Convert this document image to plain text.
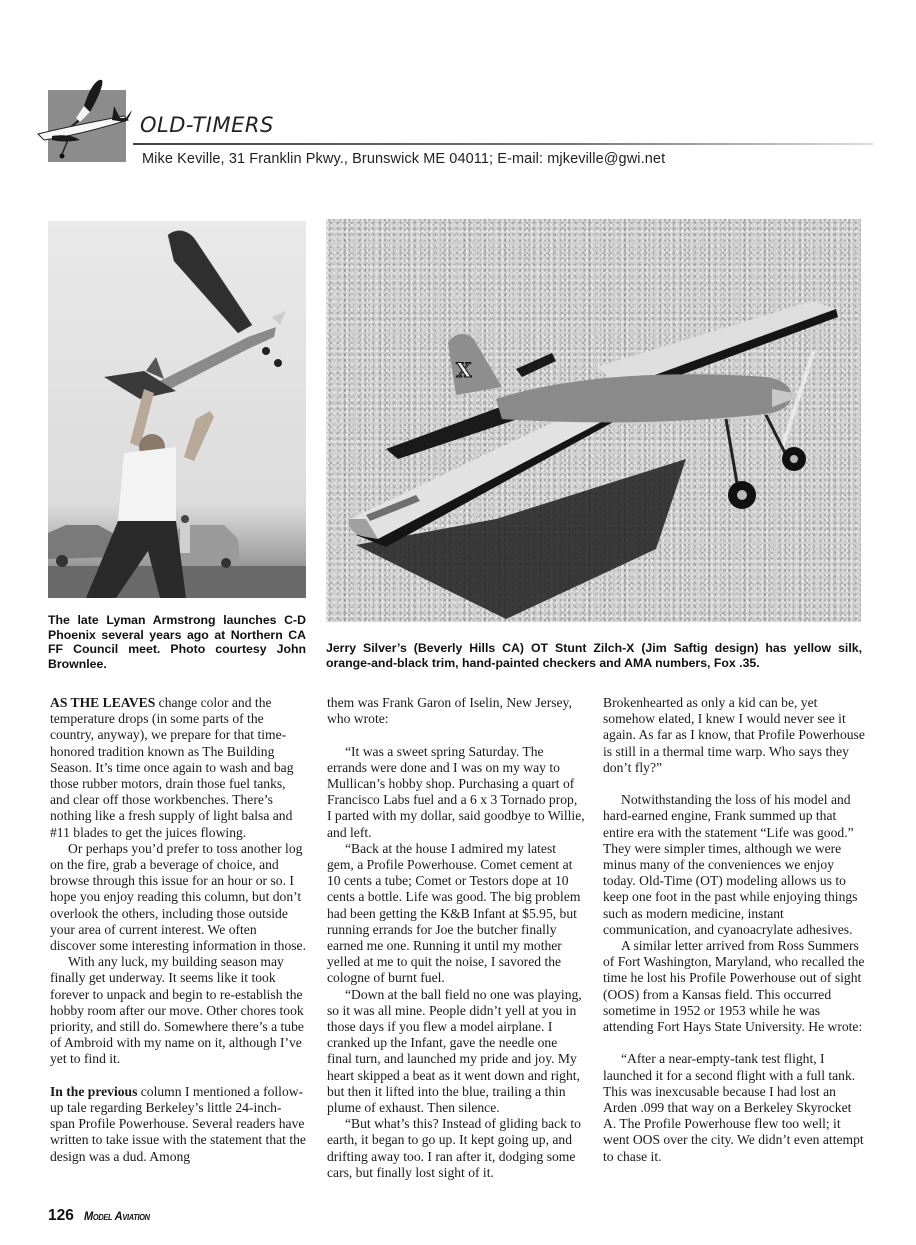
OLD-TIMERS
Mike Keville, 31 Franklin Pkwy., Brunswick ME 04011; E-mail: mjkeville@gwi.net
X
The late Lyman Armstrong launches C-D Phoenix several years ago at Northern CA FF Council meet. Photo courtesy John Brownlee.
Jerry Silver’s (Beverly Hills CA) OT Stunt Zilch-X (Jim Saftig design) has yellow silk, orange-and-black trim, hand-painted checkers and AMA numbers, Fox .35.

AS THE LEAVES change color and the temperature drops (in some parts of the country, anyway), we prepare for that time-honored tradition known as The Building Season. It’s time once again to wash and bag those rubber motors, drain those fuel tanks, and clear off those workbenches. There’s nothing like a fresh supply of light balsa and #11 blades to get the juices flowing.

Or perhaps you’d prefer to toss another log on the fire, grab a beverage of choice, and browse through this issue for an hour or so. I hope you enjoy reading this column, but don’t overlook the others, including those outside your area of current interest. We often discover some interesting information in those.

With any luck, my building season may finally get underway. It seems like it took forever to unpack and begin to re-establish the hobby room after our move. Other chores took priority, and still do. Somewhere there’s a tube of Ambroid with my name on it, although I’ve yet to find it.

In the previous column I mentioned a follow-up tale regarding Berkeley’s little 24-inch-span Profile Powerhouse. Several readers have written to take issue with the statement that the design was a dud. Among

them was Frank Garon of Iselin, New Jersey, who wrote:

“It was a sweet spring Saturday. The errands were done and I was on my way to Mullican’s hobby shop. Purchasing a quart of Francisco Labs fuel and a 6 x 3 Tornado prop, I parted with my dollar, said goodbye to Willie, and left.

“Back at the house I admired my latest gem, a Profile Powerhouse. Comet cement at 10 cents a tube; Comet or Testors dope at 10 cents a bottle. Life was good. The big problem had been getting the K&B Infant at $5.95, but running errands for Joe the butcher finally earned me one. Running it until my mother yelled at me to quit the noise, I savored the cologne of burnt fuel.

“Down at the ball field no one was playing, so it was all mine. People didn’t yell at you in those days if you flew a model airplane. I cranked up the Infant, gave the needle one final turn, and launched my pride and joy. My heart skipped a beat as it went down and right, but then it lifted into the blue, trailing a thin plume of exhaust. Then silence.

“But what’s this? Instead of gliding back to earth, it began to go up. It kept going up, and drifting away too. I ran after it, dodging some cars, but finally lost sight of it.

Brokenhearted as only a kid can be, yet somehow elated, I knew I would never see it again. As far as I know, that Profile Powerhouse is still in a thermal time warp. Who says they don’t fly?”

Notwithstanding the loss of his model and hard-earned engine, Frank summed up that entire era with the statement “Life was good.” They were simpler times, although we were minus many of the conveniences we enjoy today. Old-Time (OT) modeling allows us to keep one foot in the past while enjoying things such as modern medicine, instant communication, and cyanoacrylate adhesives.

A similar letter arrived from Ross Summers of Fort Washington, Maryland, who recalled the time he lost his Profile Powerhouse out of sight (OOS) from a Kansas field. This occurred sometime in 1952 or 1953 while he was attending Fort Hays State University. He wrote:

“After a near-empty-tank test flight, I launched it for a second flight with a full tank. This was inexcusable because I had lost an Arden .099 that way on a Berkeley Skyrocket A. The Profile Powerhouse flew too well; it went OOS over the city. We didn’t even attempt to chase it.

126 Model Aviation
